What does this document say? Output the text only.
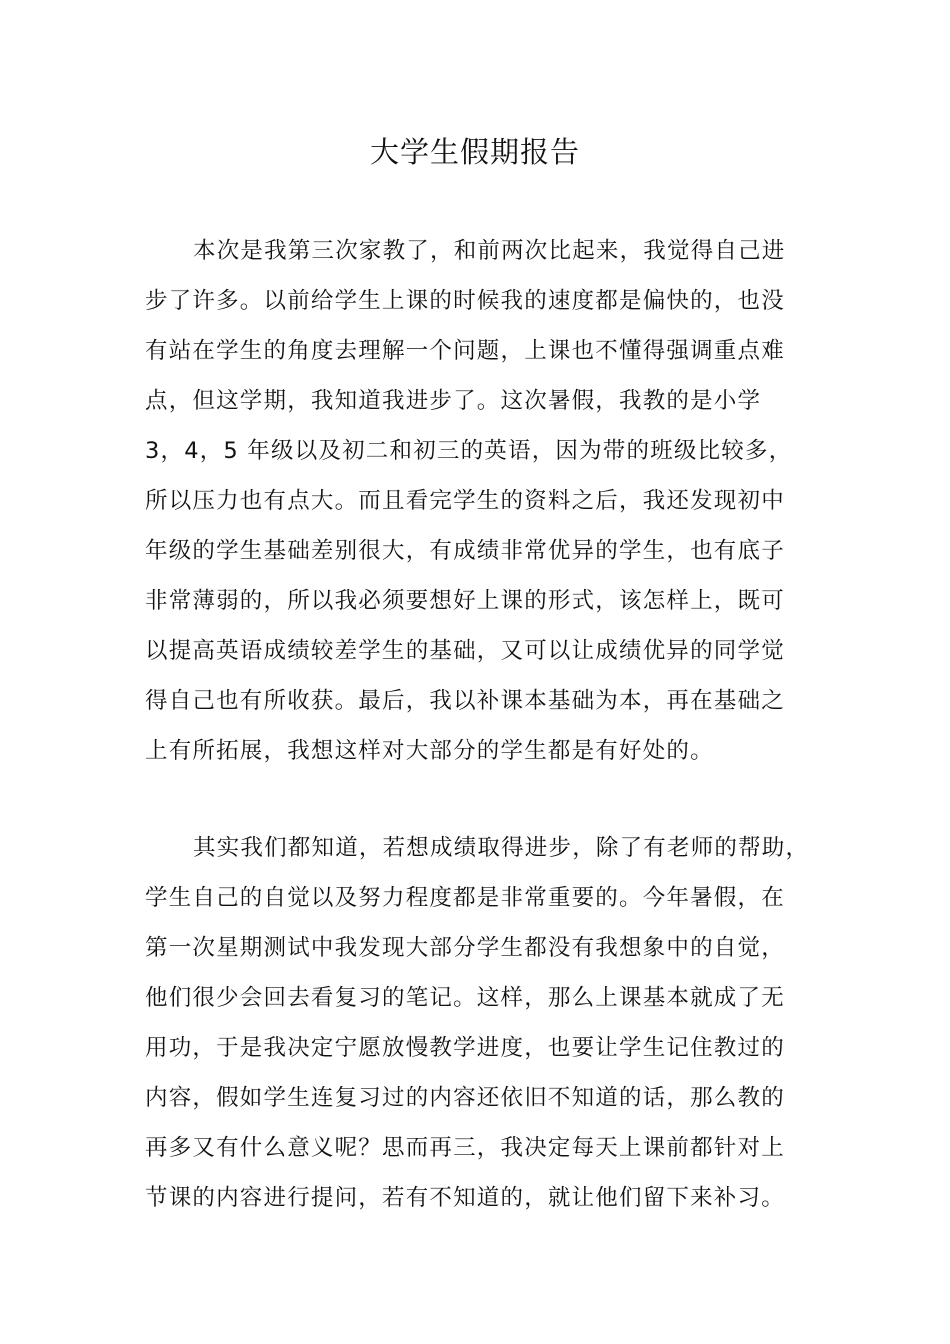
大学生假期报告
本次是我第三次家教了，和前两次比起来，我觉得自己进
步了许多。以前给学生上课的时候我的速度都是偏快的，也没
有站在学生的角度去理解一个问题，上课也不懂得强调重点难
点，但这学期，我知道我进步了。这次暑假，我教的是小学
3，4，5 年级以及初二和初三的英语，因为带的班级比较多，
所以压力也有点大。而且看完学生的资料之后，我还发现初中
年级的学生基础差别很大，有成绩非常优异的学生，也有底子
非常薄弱的，所以我必须要想好上课的形式，该怎样上，既可
以提高英语成绩较差学生的基础，又可以让成绩优异的同学觉
得自己也有所收获。最后，我以补课本基础为本，再在基础之
上有所拓展，我想这样对大部分的学生都是有好处的。
其实我们都知道，若想成绩取得进步，除了有老师的帮助，
学生自己的自觉以及努力程度都是非常重要的。今年暑假，在
第一次星期测试中我发现大部分学生都没有我想象中的自觉，
他们很少会回去看复习的笔记。这样，那么上课基本就成了无
用功，于是我决定宁愿放慢教学进度，也要让学生记住教过的
内容，假如学生连复习过的内容还依旧不知道的话，那么教的
再多又有什么意义呢？思而再三，我决定每天上课前都针对上
节课的内容进行提问，若有不知道的，就让他们留下来补习。
